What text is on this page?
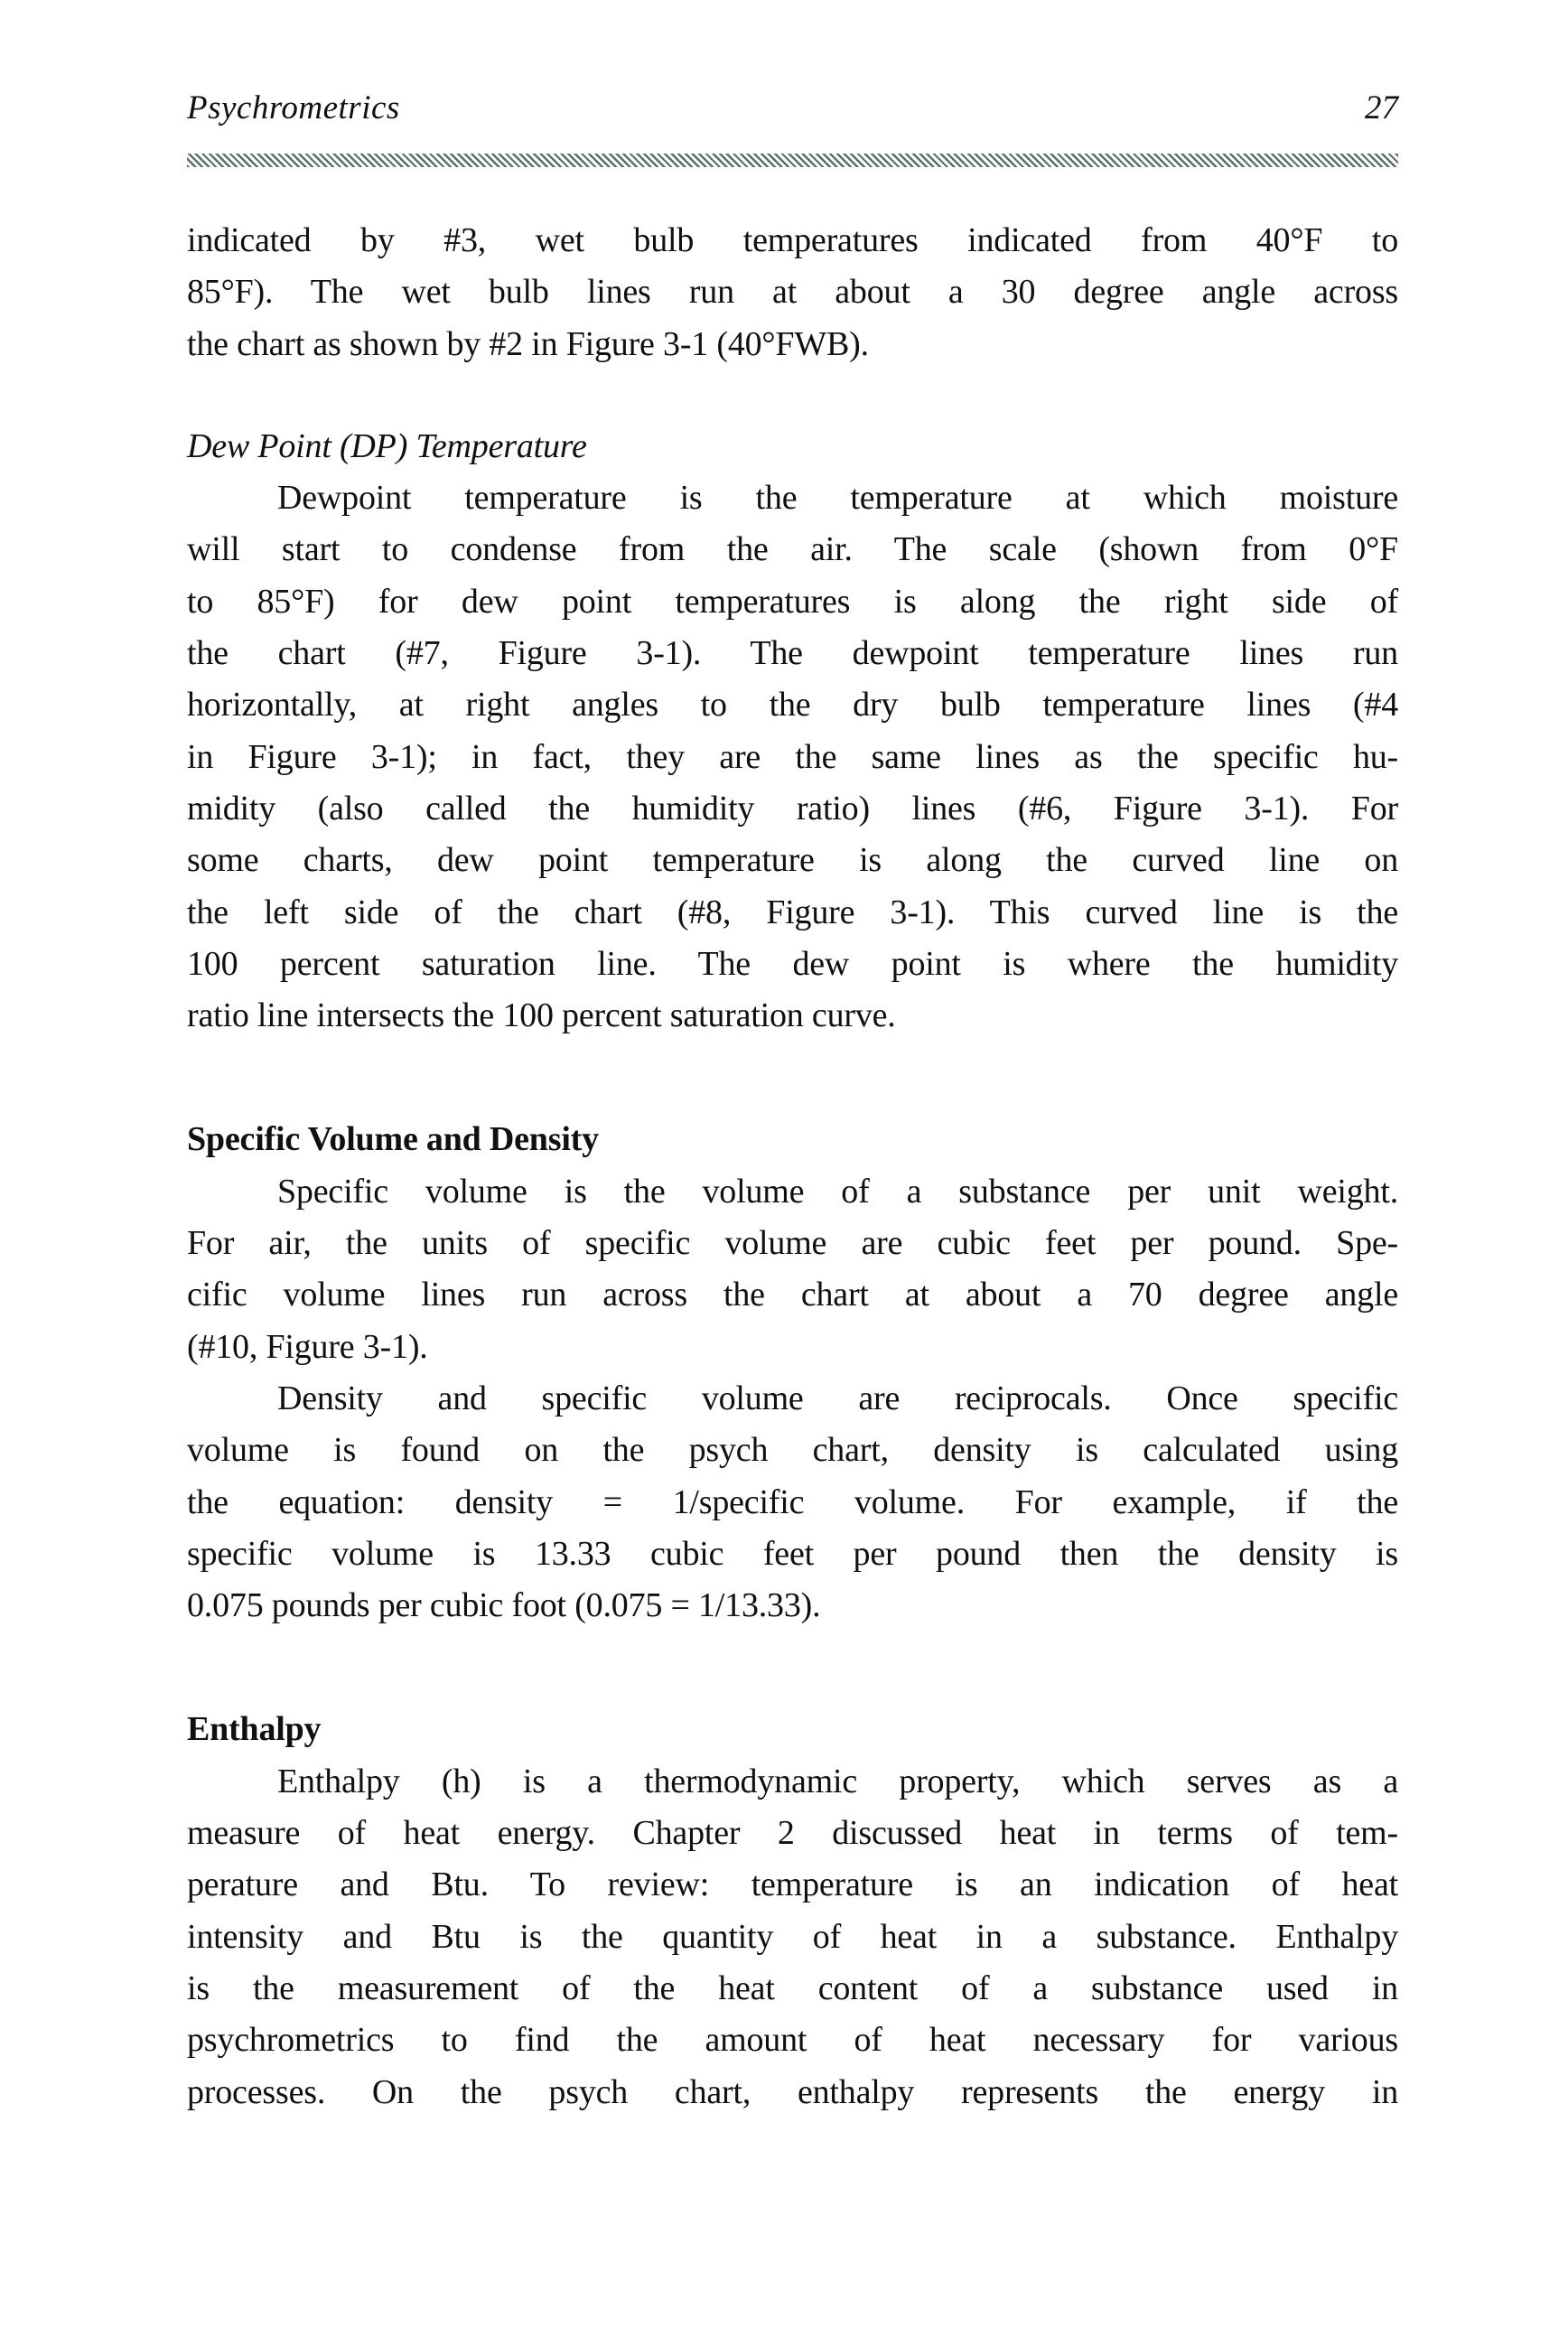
Psychrometrics	27
indicated by #3, wet bulb temperatures indicated from 40°F to
85°F). The wet bulb lines run at about a 30 degree angle across
the chart as shown by #2 in Figure 3-1 (40°FWB).
Dew Point (DP) Temperature
Dewpoint temperature is the temperature at which moisture
will start to condense from the air. The scale (shown from 0°F
to 85°F) for dew point temperatures is along the right side of
the chart (#7, Figure 3-1). The dewpoint temperature lines run
horizontally, at right angles to the dry bulb temperature lines (#4
in Figure 3-1); in fact, they are the same lines as the specific hu-
midity (also called the humidity ratio) lines (#6, Figure 3-1). For
some charts, dew point temperature is along the curved line on
the left side of the chart (#8, Figure 3-1). This curved line is the
100 percent saturation line. The dew point is where the humidity
ratio line intersects the 100 percent saturation curve.
Specific Volume and Density
Specific volume is the volume of a substance per unit weight.
For air, the units of specific volume are cubic feet per pound. Spe-
cific volume lines run across the chart at about a 70 degree angle
(#10, Figure 3-1).
Density and specific volume are reciprocals. Once specific
volume is found on the psych chart, density is calculated using
the equation: density = 1/specific volume. For example, if the
specific volume is 13.33 cubic feet per pound then the density is
0.075 pounds per cubic foot (0.075 = 1/13.33).
Enthalpy
Enthalpy (h) is a thermodynamic property, which serves as a
measure of heat energy. Chapter 2 discussed heat in terms of tem-
perature and Btu. To review: temperature is an indication of heat
intensity and Btu is the quantity of heat in a substance. Enthalpy
is the measurement of the heat content of a substance used in
psychrometrics to find the amount of heat necessary for various
processes. On the psych chart, enthalpy represents the energy in
